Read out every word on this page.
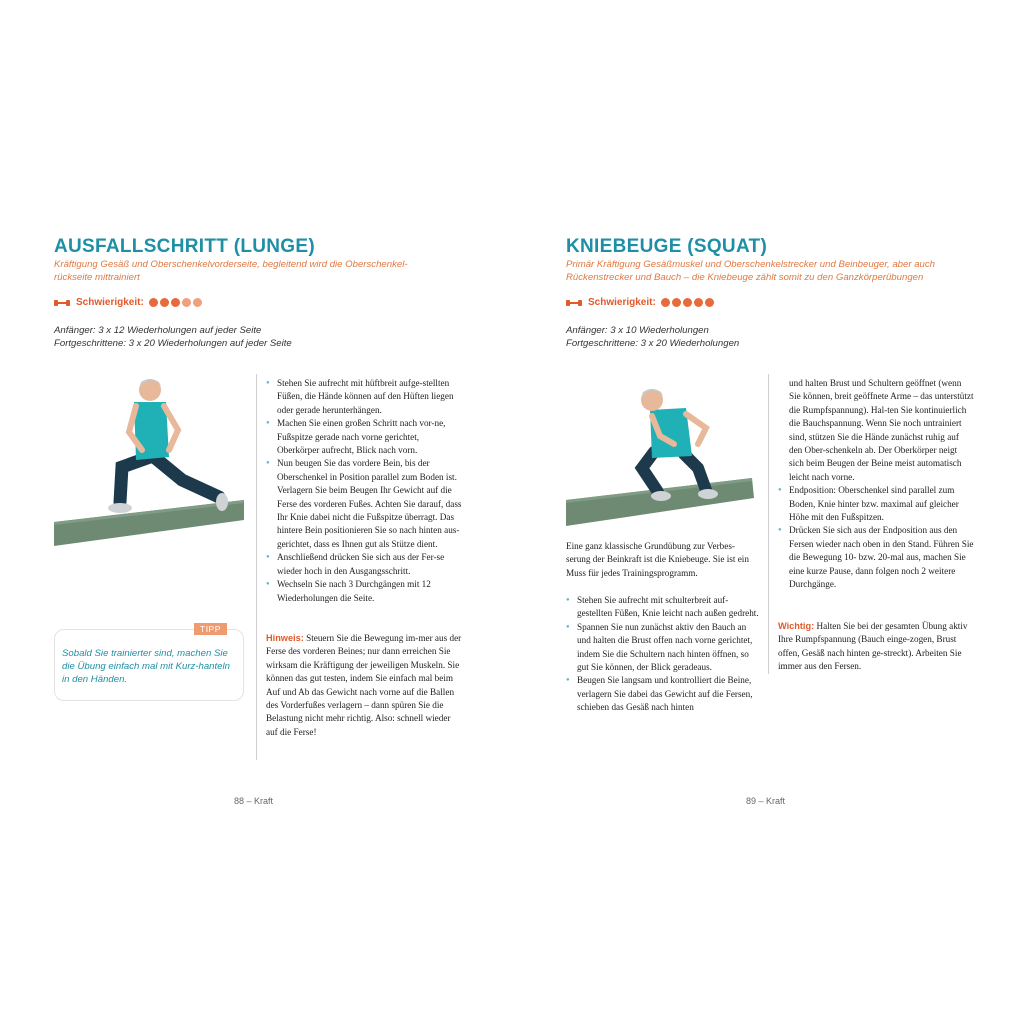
AUSFALLSCHRITT (LUNGE)
Kräftigung Gesäß und Oberschenkelvorderseite, begleitend wird die Oberschenkel-
rückseite mittrainiert
Schwierigkeit:
Anfänger: 3 x 12 Wiederholungen auf jeder Seite
Fortgeschrittene: 3 x 20 Wiederholungen auf jeder Seite
TIPP
Sobald Sie trainierter sind, machen Sie die Übung einfach mal mit Kurz-hanteln in den Händen.
● Stehen Sie aufrecht mit hüftbreit aufge-stellten Füßen, die Hände können auf den Hüften liegen oder gerade herunterhängen.
● Machen Sie einen großen Schritt nach vor-ne, Fußspitze gerade nach vorne gerichtet, Oberkörper aufrecht, Blick nach vorn.
● Nun beugen Sie das vordere Bein, bis der Oberschenkel in Position parallel zum Boden ist. Verlagern Sie beim Beugen Ihr Gewicht auf die Ferse des vorderen Fußes. Achten Sie darauf, dass Ihr Knie dabei nicht die Fußspitze überragt. Das hintere Bein positionieren Sie so nach hinten aus-gerichtet, dass es Ihnen gut als Stütze dient.
● Anschließend drücken Sie sich aus der Fer-se wieder hoch in den Ausgangsschritt.
● Wechseln Sie nach 3 Durchgängen mit 12 Wiederholungen die Seite.
Hinweis: Steuern Sie die Bewegung im-mer aus der Ferse des vorderen Beines; nur dann erreichen Sie wirksam die Kräftigung der jeweiligen Muskeln. Sie können das gut testen, indem Sie einfach mal beim Auf und Ab das Gewicht nach vorne auf die Ballen des Vorderfußes verlagern – dann spüren Sie die Belastung nicht mehr richtig. Also: schnell wieder auf die Ferse!
88 – Kraft
KNIEBEUGE (SQUAT)
Primär Kräftigung Gesäßmuskel und Oberschenkelstrecker und Beinbeuger, aber auch
Rückenstrecker und Bauch – die Kniebeuge zählt somit zu den Ganzkörperübungen
Schwierigkeit:
Anfänger: 3 x 10 Wiederholungen
Fortgeschrittene: 3 x 20 Wiederholungen
Eine ganz klassische Grundübung zur Verbes-serung der Beinkraft ist die Kniebeuge. Sie ist ein Muss für jedes Trainingsprogramm.
● Stehen Sie aufrecht mit schulterbreit auf-gestellten Füßen, Knie leicht nach außen gedreht.
● Spannen Sie nun zunächst aktiv den Bauch an und halten die Brust offen nach vorne gerichtet, indem Sie die Schultern nach hinten öffnen, so gut Sie können, der Blick geradeaus.
● Beugen Sie langsam und kontrolliert die Beine, verlagern Sie dabei das Gewicht auf die Fersen, schieben das Gesäß nach hinten
und halten Brust und Schultern geöffnet (wenn Sie können, breit geöffnete Arme – das unterstützt die Rumpfspannung). Hal-ten Sie kontinuierlich die Bauchspannung. Wenn Sie noch untrainiert sind, stützen Sie die Hände zunächst ruhig auf den Ober-schenkeln ab. Der Oberkörper neigt sich beim Beugen der Beine meist automatisch leicht nach vorne.
● Endposition: Oberschenkel sind parallel zum Boden, Knie hinter bzw. maximal auf gleicher Höhe mit den Fußspitzen.
● Drücken Sie sich aus der Endposition aus den Fersen wieder nach oben in den Stand. Führen Sie die Bewegung 10- bzw. 20-mal aus, machen Sie eine kurze Pause, dann folgen noch 2 weitere Durchgänge.
Wichtig: Halten Sie bei der gesamten Übung aktiv Ihre Rumpfspannung (Bauch einge-zogen, Brust offen, Gesäß nach hinten ge-streckt). Arbeiten Sie immer aus den Fersen.
89 – Kraft
